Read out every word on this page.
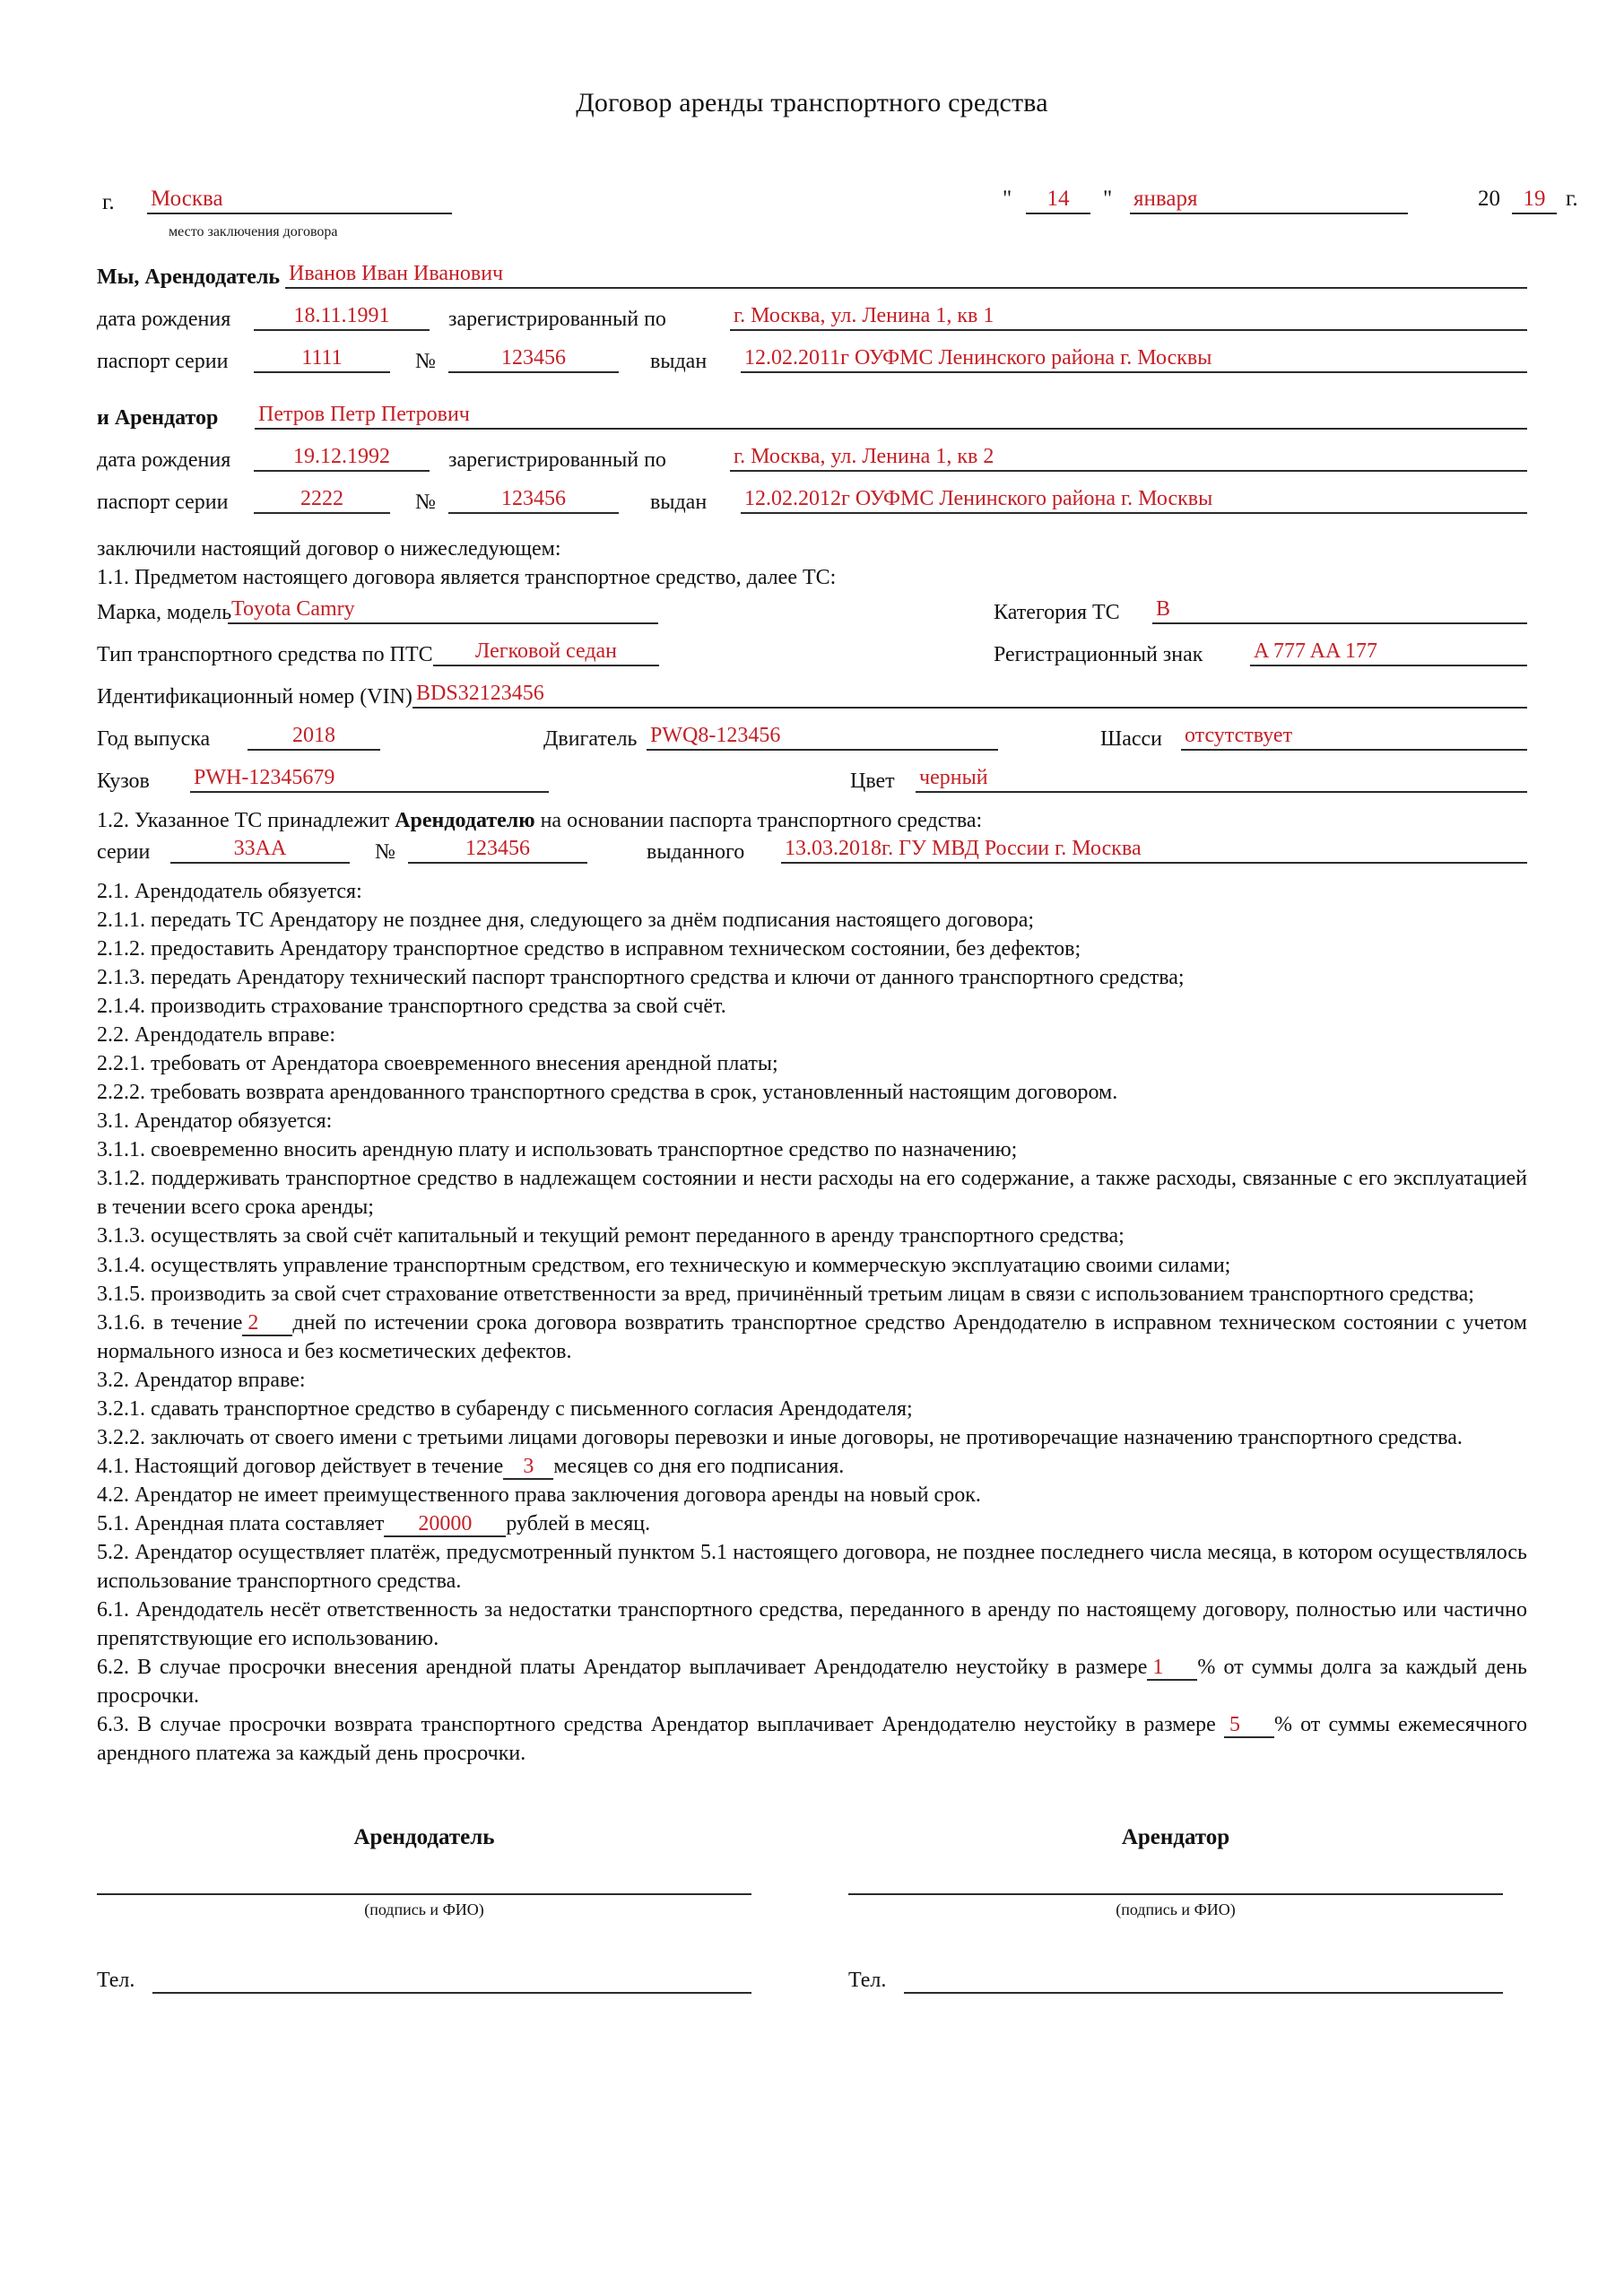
Договор аренды транспортного средства
г. Москва
место заключения договора
"	14	" января	20	19 г.
Мы, Арендодатель Иванов Иван Иванович
дата рождения	18.11.1991	зарегистрированный по	г. Москва, ул. Ленина 1, кв 1
паспорт серии	1111	№	123456	выдан 12.02.2011г ОУФМС Ленинского района г. Москвы
и Арендатор Петров Петр Петрович
дата рождения	19.12.1992	зарегистрированный по	г. Москва, ул. Ленина 1, кв 2
паспорт серии	2222	№	123456	выдан 12.02.2012г ОУФМС Ленинского района г. Москвы

заключили настоящий договор о нижеследующем:

1.1. Предметом настоящего договора является транспортное средство, далее ТС:

Марка, модель Toyota Camry	Категория ТС B
Тип транспортного средства по ПТС	Легковой седан	Регистрационный знак A 777 AA 177
Идентификационный номер (VIN) BDS32123456
Год выпуска	2018	Двигатель PWQ8-123456	Шасси отсутствует
Кузов PWH-12345679	Цвет черный

1.2. Указанное ТС принадлежит Арендодателю на основании паспорта транспортного средства:

серии	33AA	№	123456	выданного 13.03.2018г. ГУ МВД России г. Москва

2.1. Арендодатель обязуется:

2.1.1. передать ТС Арендатору не позднее дня, следующего за днём подписания настоящего договора;

2.1.2. предоставить Арендатору транспортное средство в исправном техническом состоянии, без дефектов;

2.1.3. передать Арендатору технический паспорт транспортного средства и ключи от данного транспортного средства;

2.1.4. производить страхование транспортного средства за свой счёт.

2.2. Арендодатель вправе:

2.2.1. требовать от Арендатора своевременного внесения арендной платы;

2.2.2. требовать возврата арендованного транспортного средства в срок, установленный настоящим договором.

3.1. Арендатор обязуется:

3.1.1. своевременно вносить арендную плату и использовать транспортное средство по назначению;

3.1.2. поддерживать транспортное средство в надлежащем состоянии и нести расходы на его содержание, а также расходы, связанные с его эксплуатацией в течении всего срока аренды;

3.1.3. осуществлять за свой счёт капитальный и текущий ремонт переданного в аренду транспортного средства;

3.1.4. осуществлять управление транспортным средством, его техническую и коммерческую эксплуатацию своими силами;

3.1.5. производить за свой счет страхование ответственности за вред, причинённый третьим лицам в связи с использованием транспортного средства;

3.1.6. в течение 2 дней по истечении срока договора возвратить транспортное средство Арендодателю в исправном техническом состоянии с учетом нормального износа и без косметических дефектов.

3.2. Арендатор вправе:

3.2.1. сдавать транспортное средство в субаренду с письменного согласия Арендодателя;

3.2.2. заключать от своего имени с третьими лицами договоры перевозки и иные договоры, не противоречащие назначению транспортного средства.

4.1. Настоящий договор действует в течение 3 месяцев со дня его подписания.

4.2. Арендатор не имеет преимущественного права заключения договора аренды на новый срок.

5.1. Арендная плата составляет 20000 рублей в месяц.

5.2. Арендатор осуществляет платёж, предусмотренный пунктом 5.1 настоящего договора, не позднее последнего числа месяца, в котором осуществлялось использование транспортного средства.

6.1. Арендодатель несёт ответственность за недостатки транспортного средства, переданного в аренду по настоящему договору, полностью или частично препятствующие его использованию.

6.2. В случае просрочки внесения арендной платы Арендатор выплачивает Арендодателю неустойку в размере 1 % от суммы долга за каждый день просрочки.

6.3. В случае просрочки возврата транспортного средства Арендатор выплачивает Арендодателю неустойку в размере 5 % от суммы ежемесячного арендного платежа за каждый день просрочки.

Арендодатель
(подпись и ФИО)
Тел.
Арендатор
(подпись и ФИО)
Тел.
